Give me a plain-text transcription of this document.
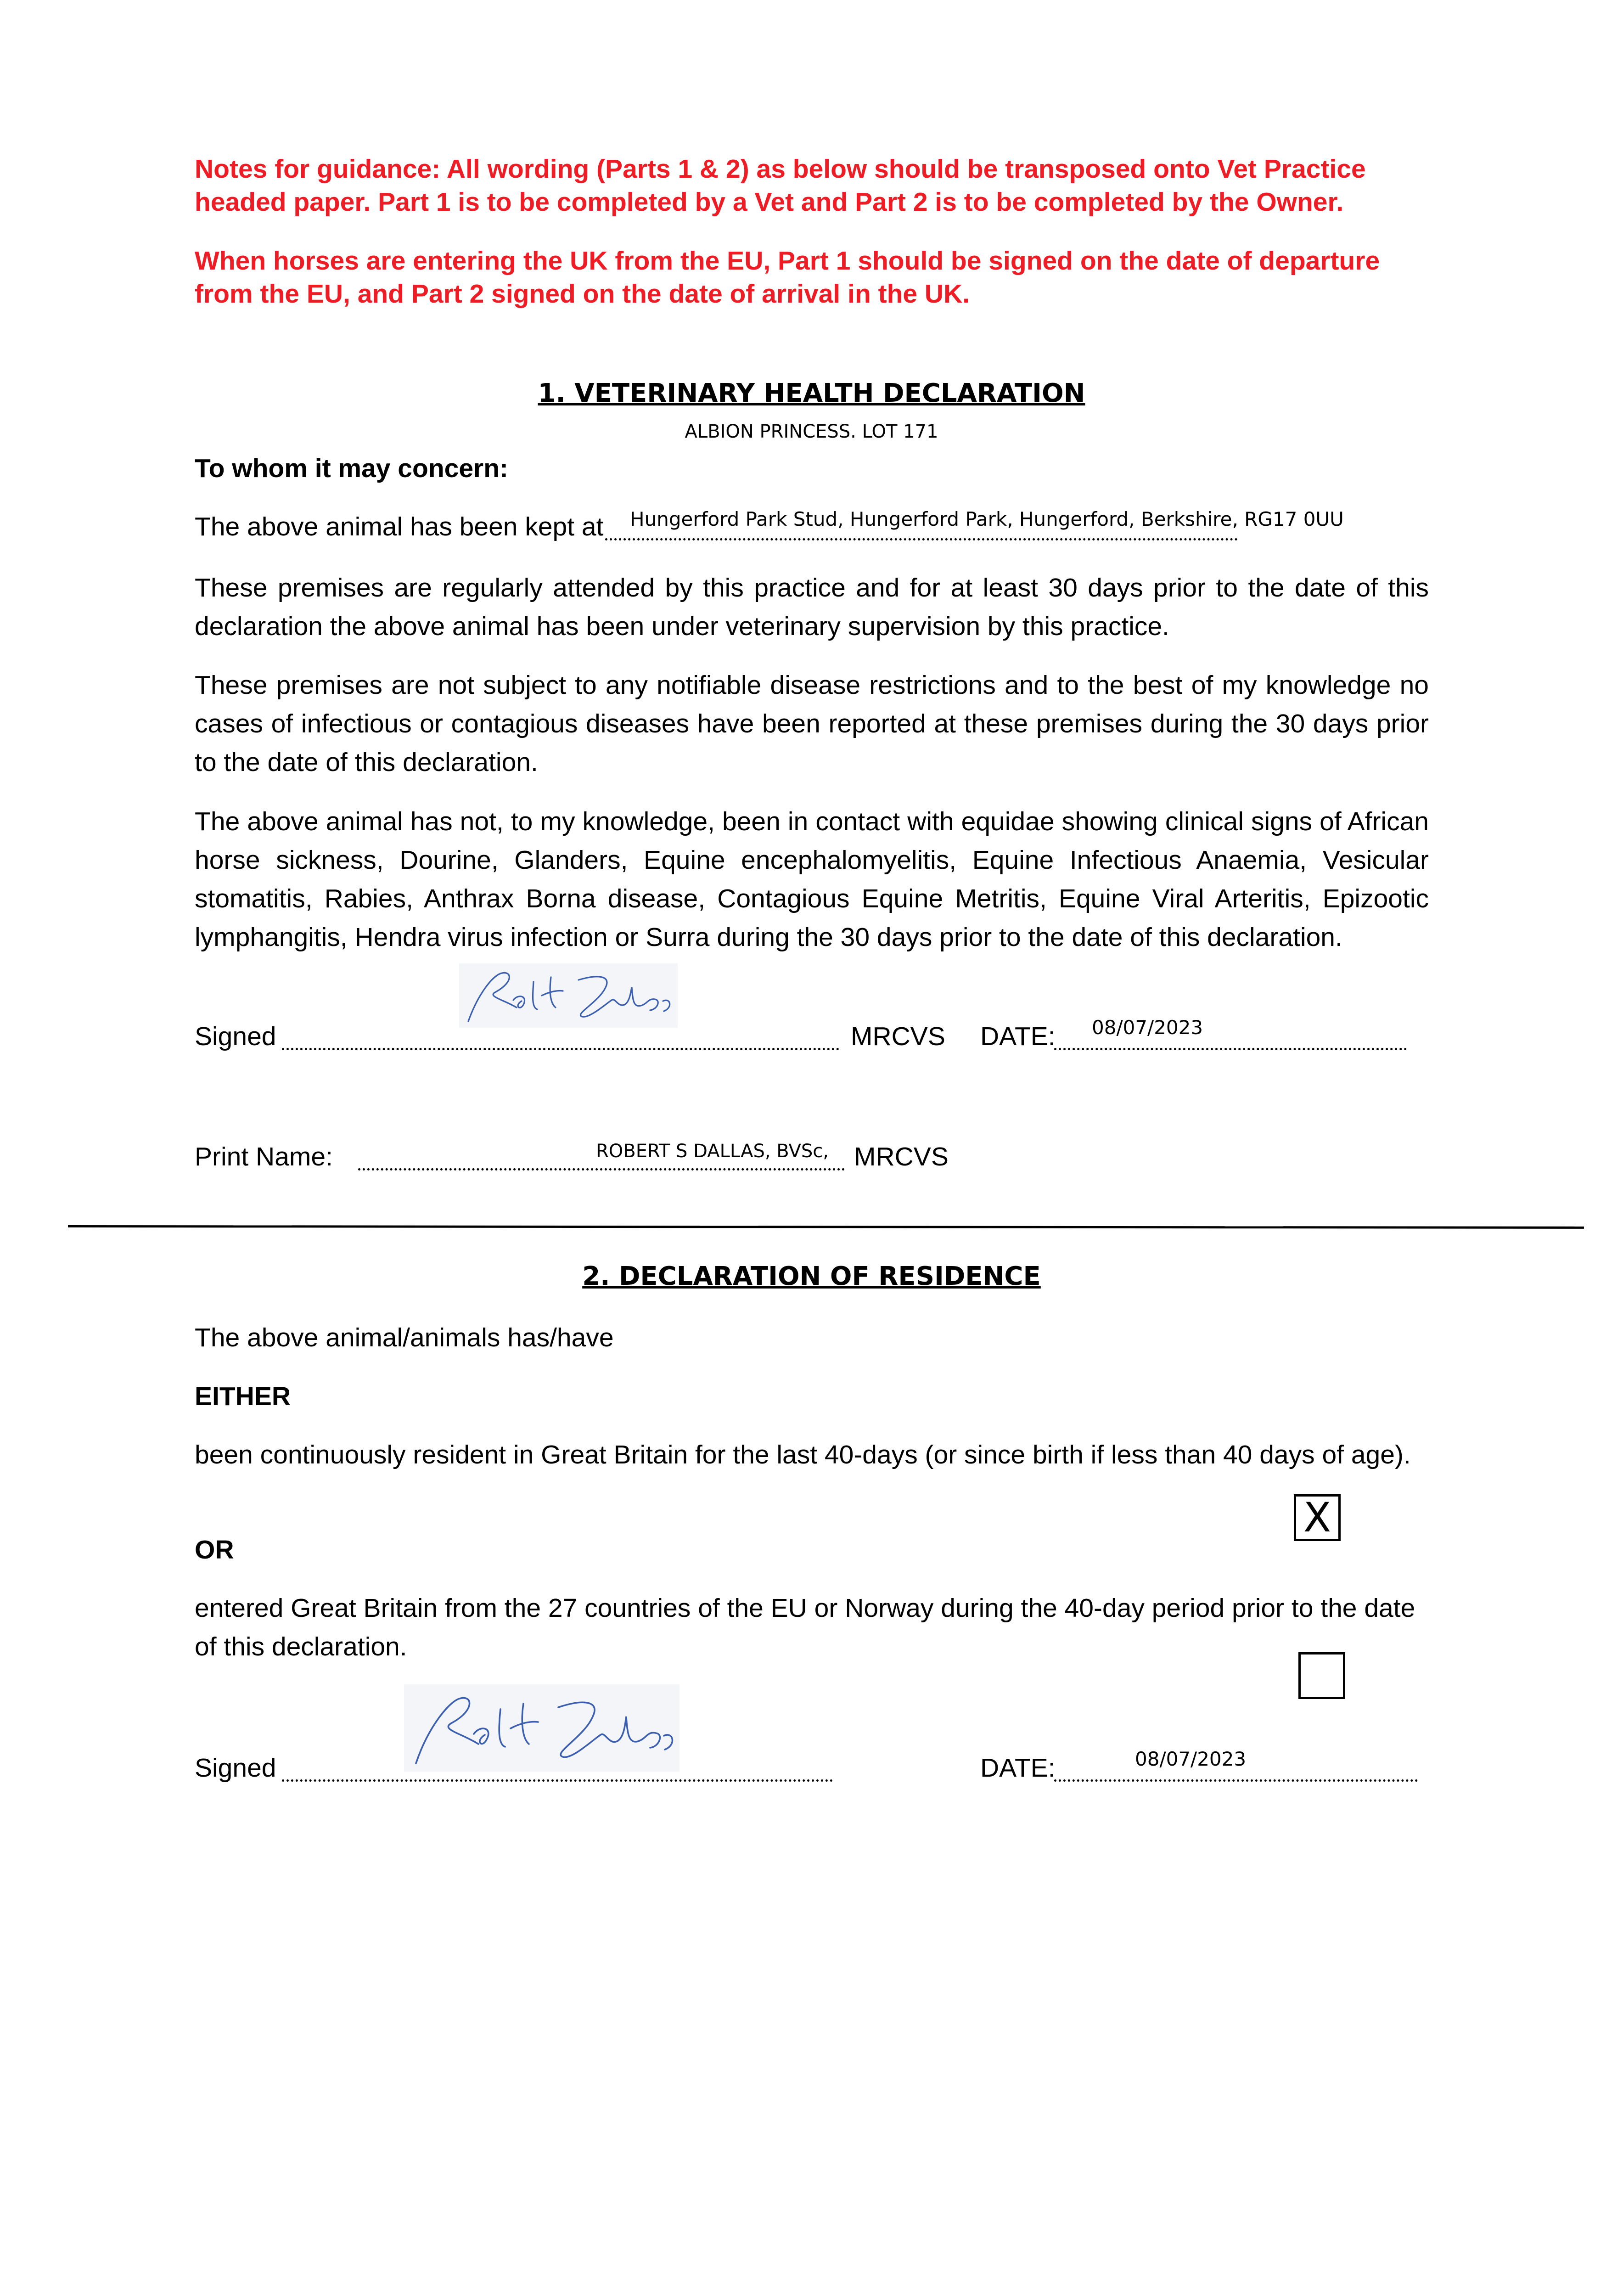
Notes for guidance: All wording (Parts 1 & 2) as below should be transposed onto Vet Practice headed paper. Part 1 is to be completed by a Vet and Part 2 is to be completed by the Owner.

When horses are entering the UK from the EU, Part 1 should be signed on the date of departure from the EU, and Part 2 signed on the date of arrival in the UK.

1. VETERINARY HEALTH DECLARATION
ALBION PRINCESS. LOT 171
To whom it may concern:
The above animal has been kept at Hungerford Park Stud, Hungerford Park, Hungerford, Berkshire, RG17 0UU
These premises are regularly attended by this practice and for at least 30 days prior to the date of this declaration the above animal has been under veterinary supervision by this practice.
These premises are not subject to any notifiable disease restrictions and to the best of my knowledge no cases of infectious or contagious diseases have been reported at these premises during the 30 days prior to the date of this declaration.
The above animal has not, to my knowledge, been in contact with equidae showing clinical signs of African horse sickness, Dourine, Glanders, Equine encephalomyelitis, Equine Infectious Anaemia, Vesicular stomatitis, Rabies, Anthrax Borna disease, Contagious Equine Metritis, Equine Viral Arteritis, Epizootic lymphangitis, Hendra virus infection or Surra during the 30 days prior to the date of this declaration.
Signed	MRCVS DATE: 08/07/2023
Print Name:	ROBERT S DALLAS, BVSc, MRCVS
2. DECLARATION OF RESIDENCE
The above animal/animals has/have
EITHER
been continuously resident in Great Britain for the last 40-days (or since birth if less than 40 days of age).
X
OR
entered Great Britain from the 27 countries of the EU or Norway during the 40-day period prior to the date of this declaration.
Signed	DATE:	08/07/2023
